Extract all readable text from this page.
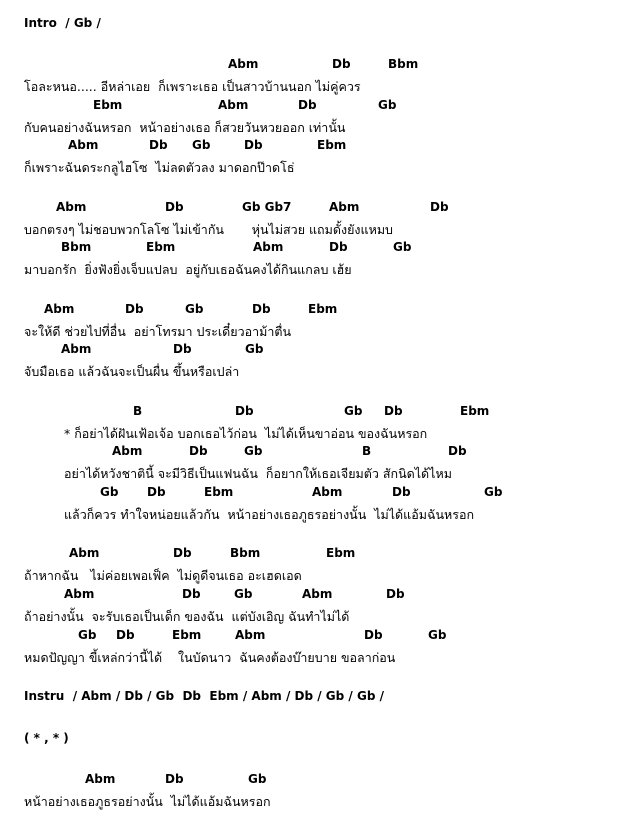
Intro  / Gb /
Instru  / Abm / Db / Gb  Db  Ebm / Abm / Db / Gb / Gb /
( * , * )
Abm	Db	Bbm
โอละหนอ..... อีหล่าเอย  ก็เพราะเธอ เป็นสาวบ้านนอก ไม่คู่ควร
Ebm	Abm	Db	Gb
กับคนอย่างฉันหรอก  หน้าอย่างเธอ ก็สวยวันหวยออก เท่านั้น
Abm	Db Gb	Db	Ebm
ก็เพราะฉันดระกลูไฮโซ  ไม่ลดตัวลง มาดอกป๊าดโธ่
Abm	Db	Gb Gb7	Abm	Db
บอกตรงๆ ไม่ชอบพวกโลโซ ไม่เข้ากัน       หุ่นไม่สวย แถมดั้งยังแหมบ
Bbm	Ebm	Abm	Db	Gb
มาบอกรัก  ยิ่งฟังยิ่งเจ็บแปลบ  อยู่กับเธอฉันคงได้กินแกลบ เฮ้ย
Abm	Db	Gb	Db	Ebm
จะให้ดี ช่วยไปที่อื่น  อย่าโทรมา ประเดี๋ยวอาม้าตื่น
Abm	Db	Gb
จับมือเธอ แล้วฉันจะเป็นผื่น ขึ้นหรือเปล่า
B	Db	Gb Db	Ebm
* ก็อย่าได้ฝันเฟ้อเจ้อ บอกเธอไว้ก่อน  ไม่ได้เห็นขาอ่อน ของฉันหรอก
Abm	Db	Gb	B	Db
อย่าได้หวังชาตินี้ จะมีวิธีเป็นแฟนฉัน  ก็อยากให้เธอเจียมตัว สักนิดได้ไหม
Gb Db	Ebm	Abm	Db	Gb
แล้วก็ควร ทำใจหน่อยแล้วกัน  หน้าอย่างเธอภูธรอย่างนั้น  ไม่ได้แอ้มฉันหรอก
Abm	Db	Bbm	Ebm
ถ้าหากฉัน   ไม่ค่อยเพอเฟ็ค  ไม่ดูดีจนเธอ อะเฮดเอด
Abm	Db	Gb	Abm	Db
ถ้าอย่างนั้น  จะรับเธอเป็นเด็ก ของฉัน  แต่บังเอิญ ฉันทำไม่ได้
Gb Db	Ebm	Abm	Db	Gb
หมดปัญญา ขี้เหล่กว่านี้ได้    ในบัดนาว  ฉันคงต้องบ๊ายบาย ขอลาก่อน
Abm	Db	Gb
หน้าอย่างเธอภูธรอย่างนั้น  ไม่ได้แอ้มฉันหรอก
